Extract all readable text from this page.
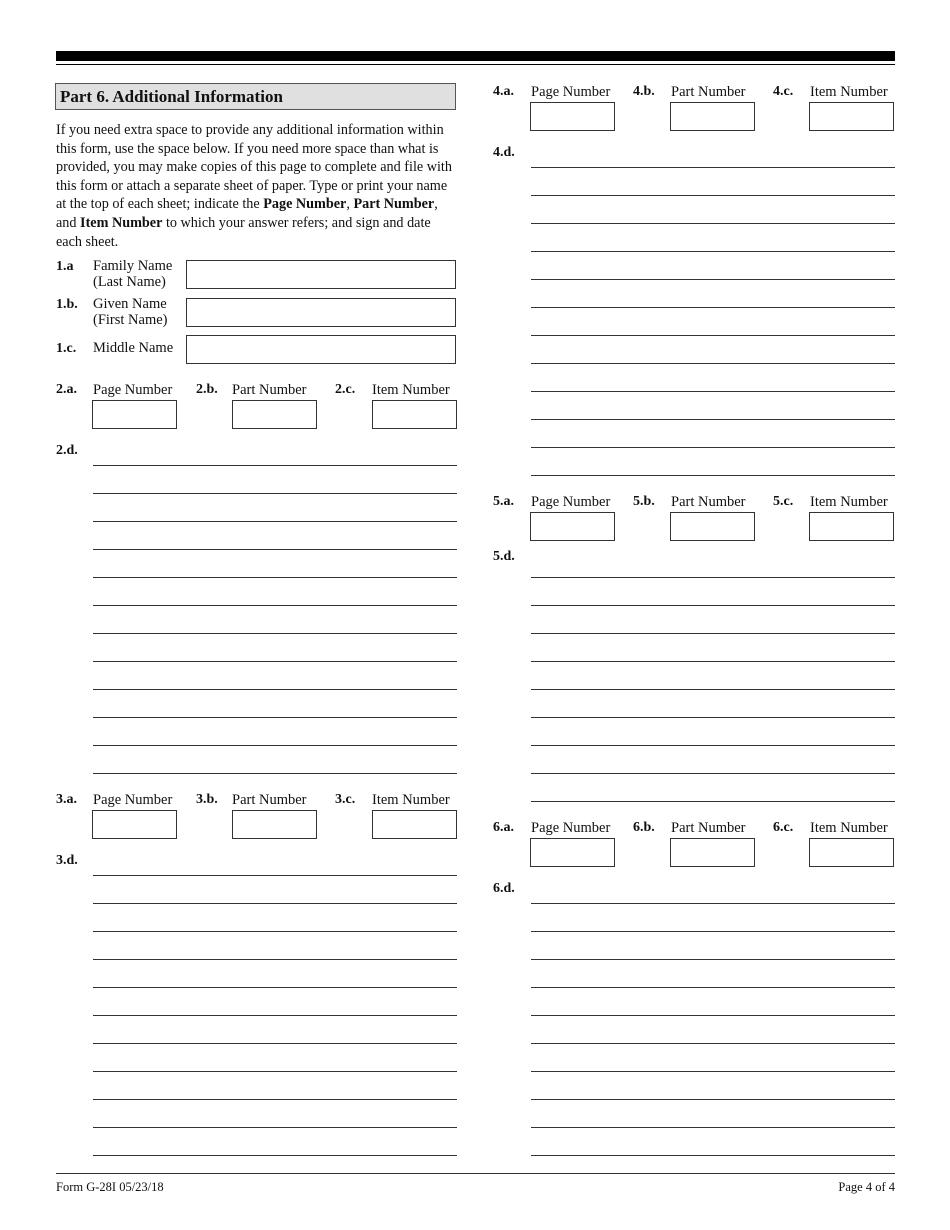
Part 6. Additional Information
If you need extra space to provide any additional information within this form, use the space below. If you need more space than what is provided, you may make copies of this page to complete and file with this form or attach a separate sheet of paper. Type or print your name at the top of each sheet; indicate the Page Number, Part Number, and Item Number to which your answer refers; and sign and date each sheet.
1.a Family Name
(Last Name)
1.b. Given Name
(First Name)
1.c. Middle Name
2.a. Page Number 2.b. Part Number 2.c. Item Number
2.d.
3.a. Page Number 3.b. Part Number 3.c. Item Number
3.d.
4.a. Page Number 4.b. Part Number 4.c. Item Number
4.d.
5.a. Page Number 5.b. Part Number 5.c. Item Number
5.d.
6.a. Page Number 6.b. Part Number 6.c. Item Number
6.d.
Form G-28I 05/23/18	Page 4 of 4
